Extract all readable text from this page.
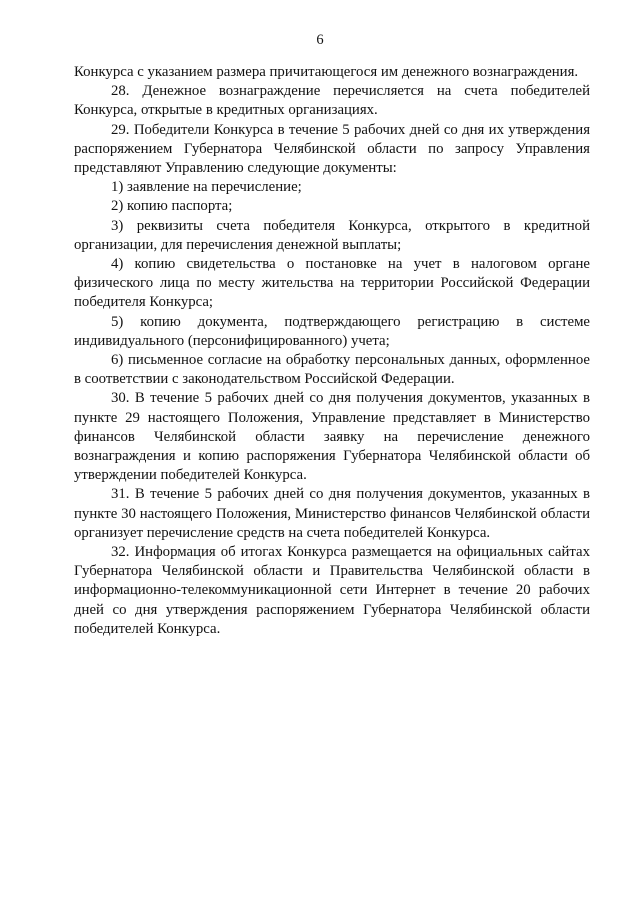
6

Конкурса с указанием размера причитающегося им денежного вознаграждения.

28. Денежное вознаграждение перечисляется на счета победителей Конкурса, открытые в кредитных организациях.

29. Победители Конкурса в течение 5 рабочих дней со дня их утверждения распоряжением Губернатора Челябинской области по запросу Управления представляют Управлению следующие документы:

1) заявление на перечисление;

2) копию паспорта;

3) реквизиты счета победителя Конкурса, открытого в кредитной организации, для перечисления денежной выплаты;

4) копию свидетельства о постановке на учет в налоговом органе физического лица по месту жительства на территории Российской Федерации победителя Конкурса;

5) копию документа, подтверждающего регистрацию в системе индивидуального (персонифицированного) учета;

6) письменное согласие на обработку персональных данных, оформленное в соответствии с законодательством Российской Федерации.

30. В течение 5 рабочих дней со дня получения документов, указанных в пункте 29 настоящего Положения, Управление представляет в Министерство финансов Челябинской области заявку на перечисление денежного вознаграждения и копию распоряжения Губернатора Челябинской области об утверждении победителей Конкурса.

31. В течение 5 рабочих дней со дня получения документов, указанных в пункте 30 настоящего Положения, Министерство финансов Челябинской области организует перечисление средств на счета победителей Конкурса.

32. Информация об итогах Конкурса размещается на официальных сайтах Губернатора Челябинской области и Правительства Челябинской области в информационно-телекоммуникационной сети Интернет в течение 20 рабочих дней со дня утверждения распоряжением Губернатора Челябинской области победителей Конкурса.
